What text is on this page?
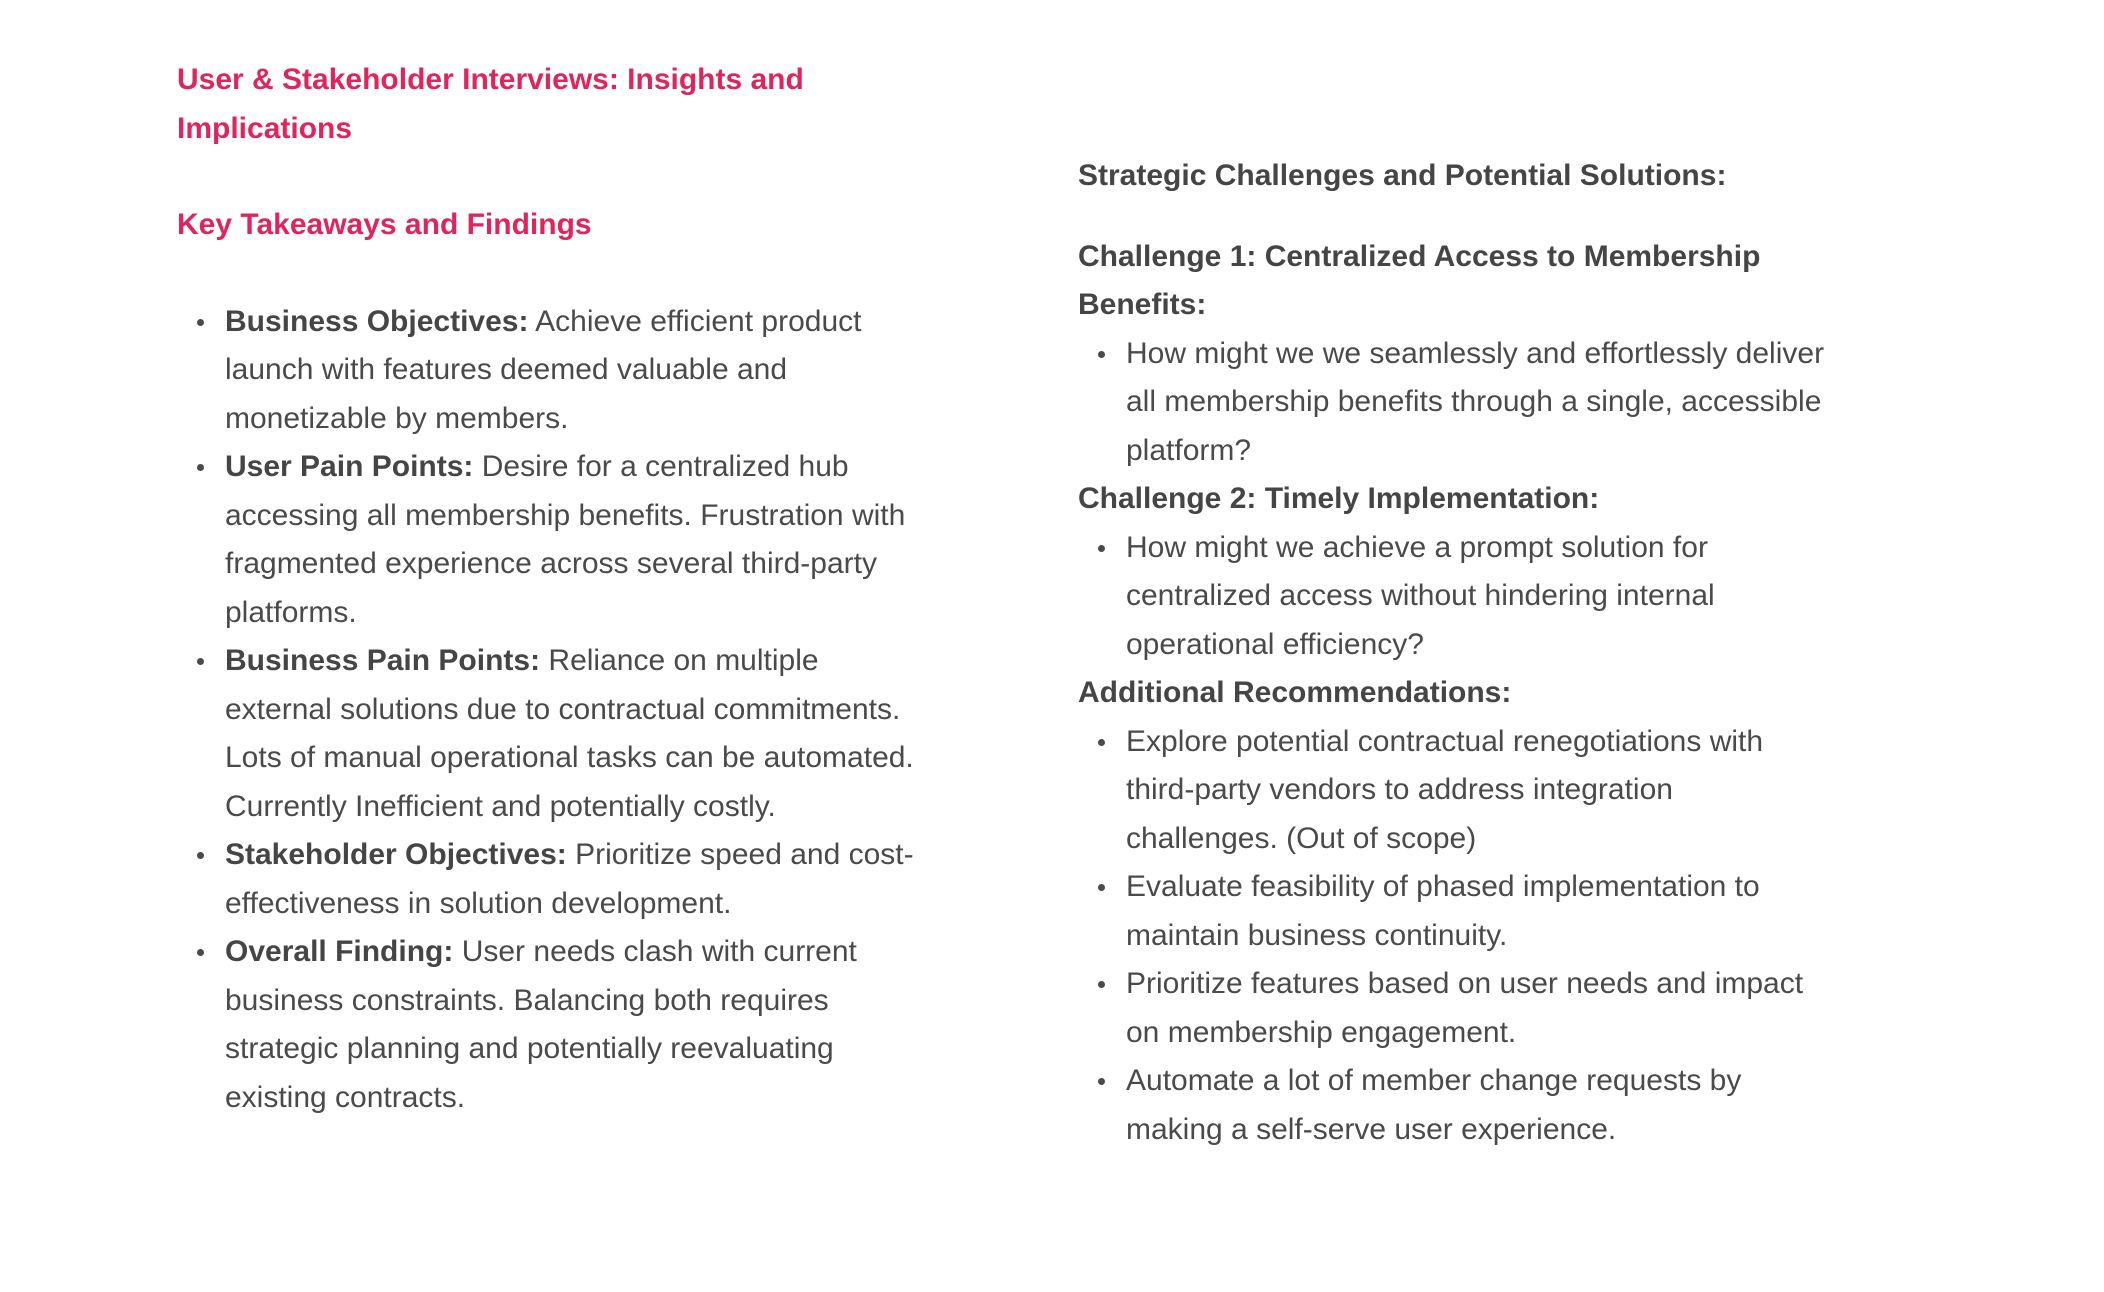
User & Stakeholder Interviews: Insights and Implications
Key Takeaways and Findings
Business Objectives: Achieve efficient product launch with features deemed valuable and monetizable by members.
User Pain Points: Desire for a centralized hub accessing all membership benefits. Frustration with fragmented experience across several third-party platforms.
Business Pain Points: Reliance on multiple external solutions due to contractual commitments. Lots of manual operational tasks can be automated. Currently Inefficient and potentially costly.
Stakeholder Objectives: Prioritize speed and cost-effectiveness in solution development.
Overall Finding: User needs clash with current business constraints. Balancing both requires strategic planning and potentially reevaluating existing contracts.
Strategic Challenges and Potential Solutions:
Challenge 1: Centralized Access to Membership Benefits:
How might we we seamlessly and effortlessly deliver all membership benefits through a single, accessible platform?
Challenge 2: Timely Implementation:
How might we achieve a prompt solution for centralized access without hindering internal operational efficiency?
Additional Recommendations:
Explore potential contractual renegotiations with third-party vendors to address integration challenges. (Out of scope)
Evaluate feasibility of phased implementation to maintain business continuity.
Prioritize features based on user needs and impact on membership engagement.
Automate a lot of member change requests by making a self-serve user experience.
